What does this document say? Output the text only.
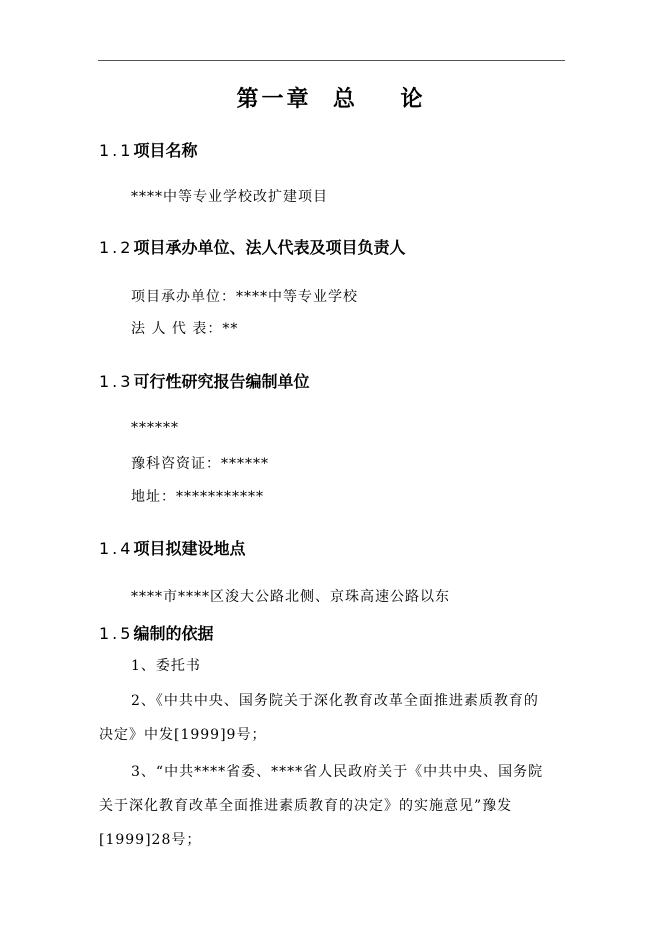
第一章  总    论
1.1项目名称
****中等专业学校改扩建项目
1.2项目承办单位、法人代表及项目负责人
项目承办单位：****中等专业学校
法 人 代 表：**
1.3可行性研究报告编制单位
******
豫科咨资证：******
地址：***********
1.4项目拟建设地点
****市****区浚大公路北侧、京珠高速公路以东
1.5编制的依据
1、委托书
2、《中共中央、国务院关于深化教育改革全面推进素质教育的
决定》中发[1999]9号；
3、“中共****省委、****省人民政府关于《中共中央、国务院
关于深化教育改革全面推进素质教育的决定》的实施意见”豫发
[1999]28号；
